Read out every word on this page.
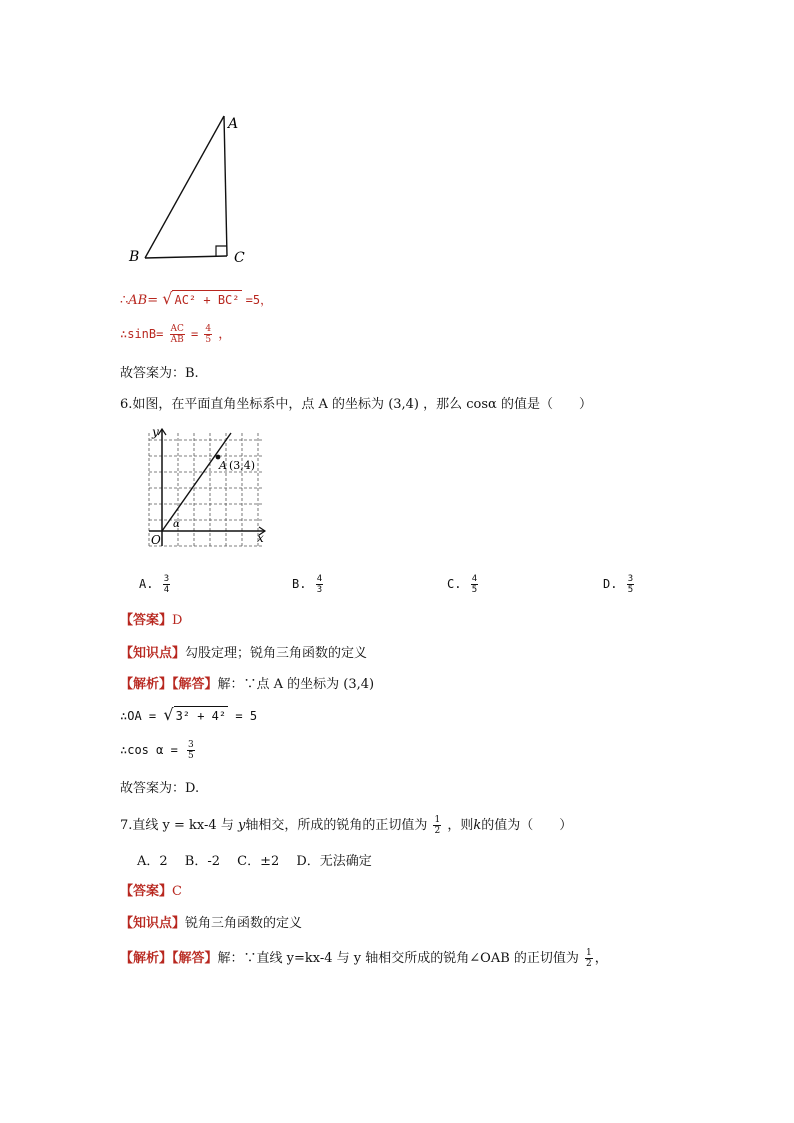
A
B	C
∴AB= √ AC² + BC² =5，
∴sinB= $\frac{AC}{AB} = \frac{4}{5}$ ，
故答案为：B.
6.如图，在平面直角坐标系中，点 A 的坐标为 (3,4) ，那么 cosα 的值是（　　）
y
x
O
A (3,4)
α
A. $\frac{3}{4}$	B. $\frac{4}{3}$	C. $\frac{4}{5}$	D. $\frac{3}{5}$
【答案】D
【知识点】勾股定理；锐角三角函数的定义
【解析】【解答】解：∵点 A 的坐标为 (3,4)
∴OA = √ 3² + 4² = 5
∴cos $\alpha = \frac{3}{5}$
故答案为：D.
7.直线 y = kx-4 与 y轴相交，所成的锐角的正切值为 $\frac{1}{2}$ ，则k的值为（　　）
A．2　 B．-2　 C．±2　 D．无法确定
【答案】C
【知识点】锐角三角函数的定义
【解析】【解答】解：∵直线 y=kx-4 与 y 轴相交所成的锐角∠OAB 的正切值为 $\frac{1}{2}$ ，
